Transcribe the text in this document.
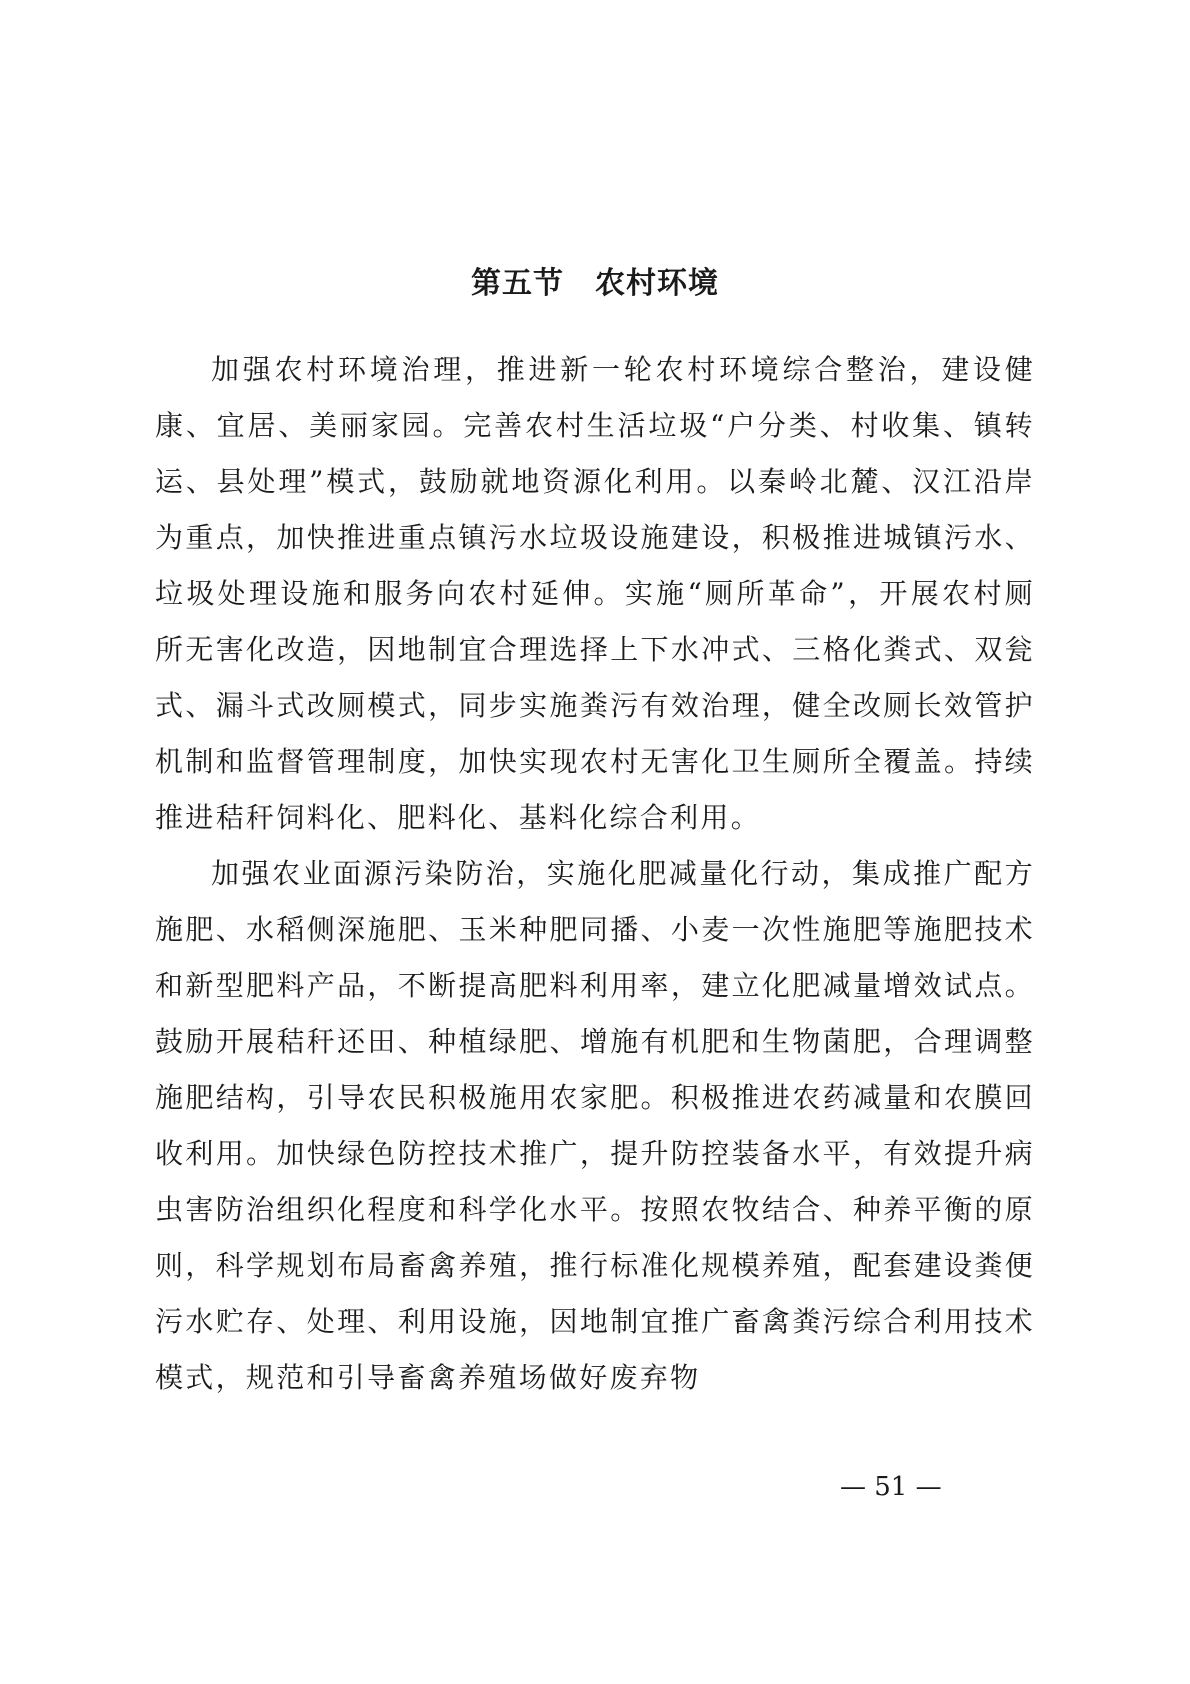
第五节　农村环境

加强农村环境治理，推进新一轮农村环境综合整治，建设健康、宜居、美丽家园。完善农村生活垃圾“户分类、村收集、镇转运、县处理”模式，鼓励就地资源化利用。以秦岭北麓、汉江沿岸为重点，加快推进重点镇污水垃圾设施建设，积极推进城镇污水、垃圾处理设施和服务向农村延伸。实施“厕所革命”，开展农村厕所无害化改造，因地制宜合理选择上下水冲式、三格化粪式、双瓮式、漏斗式改厕模式，同步实施粪污有效治理，健全改厕长效管护机制和监督管理制度，加快实现农村无害化卫生厕所全覆盖。持续推进秸秆饲料化、肥料化、基料化综合利用。

加强农业面源污染防治，实施化肥减量化行动，集成推广配方施肥、水稻侧深施肥、玉米种肥同播、小麦一次性施肥等施肥技术和新型肥料产品，不断提高肥料利用率，建立化肥减量增效试点。鼓励开展秸秆还田、种植绿肥、增施有机肥和生物菌肥，合理调整施肥结构，引导农民积极施用农家肥。积极推进农药减量和农膜回收利用。加快绿色防控技术推广，提升防控装备水平，有效提升病虫害防治组织化程度和科学化水平。按照农牧结合、种养平衡的原则，科学规划布局畜禽养殖，推行标准化规模养殖，配套建设粪便污水贮存、处理、利用设施，因地制宜推广畜禽粪污综合利用技术模式，规范和引导畜禽养殖场做好废弃物

— 51 —
